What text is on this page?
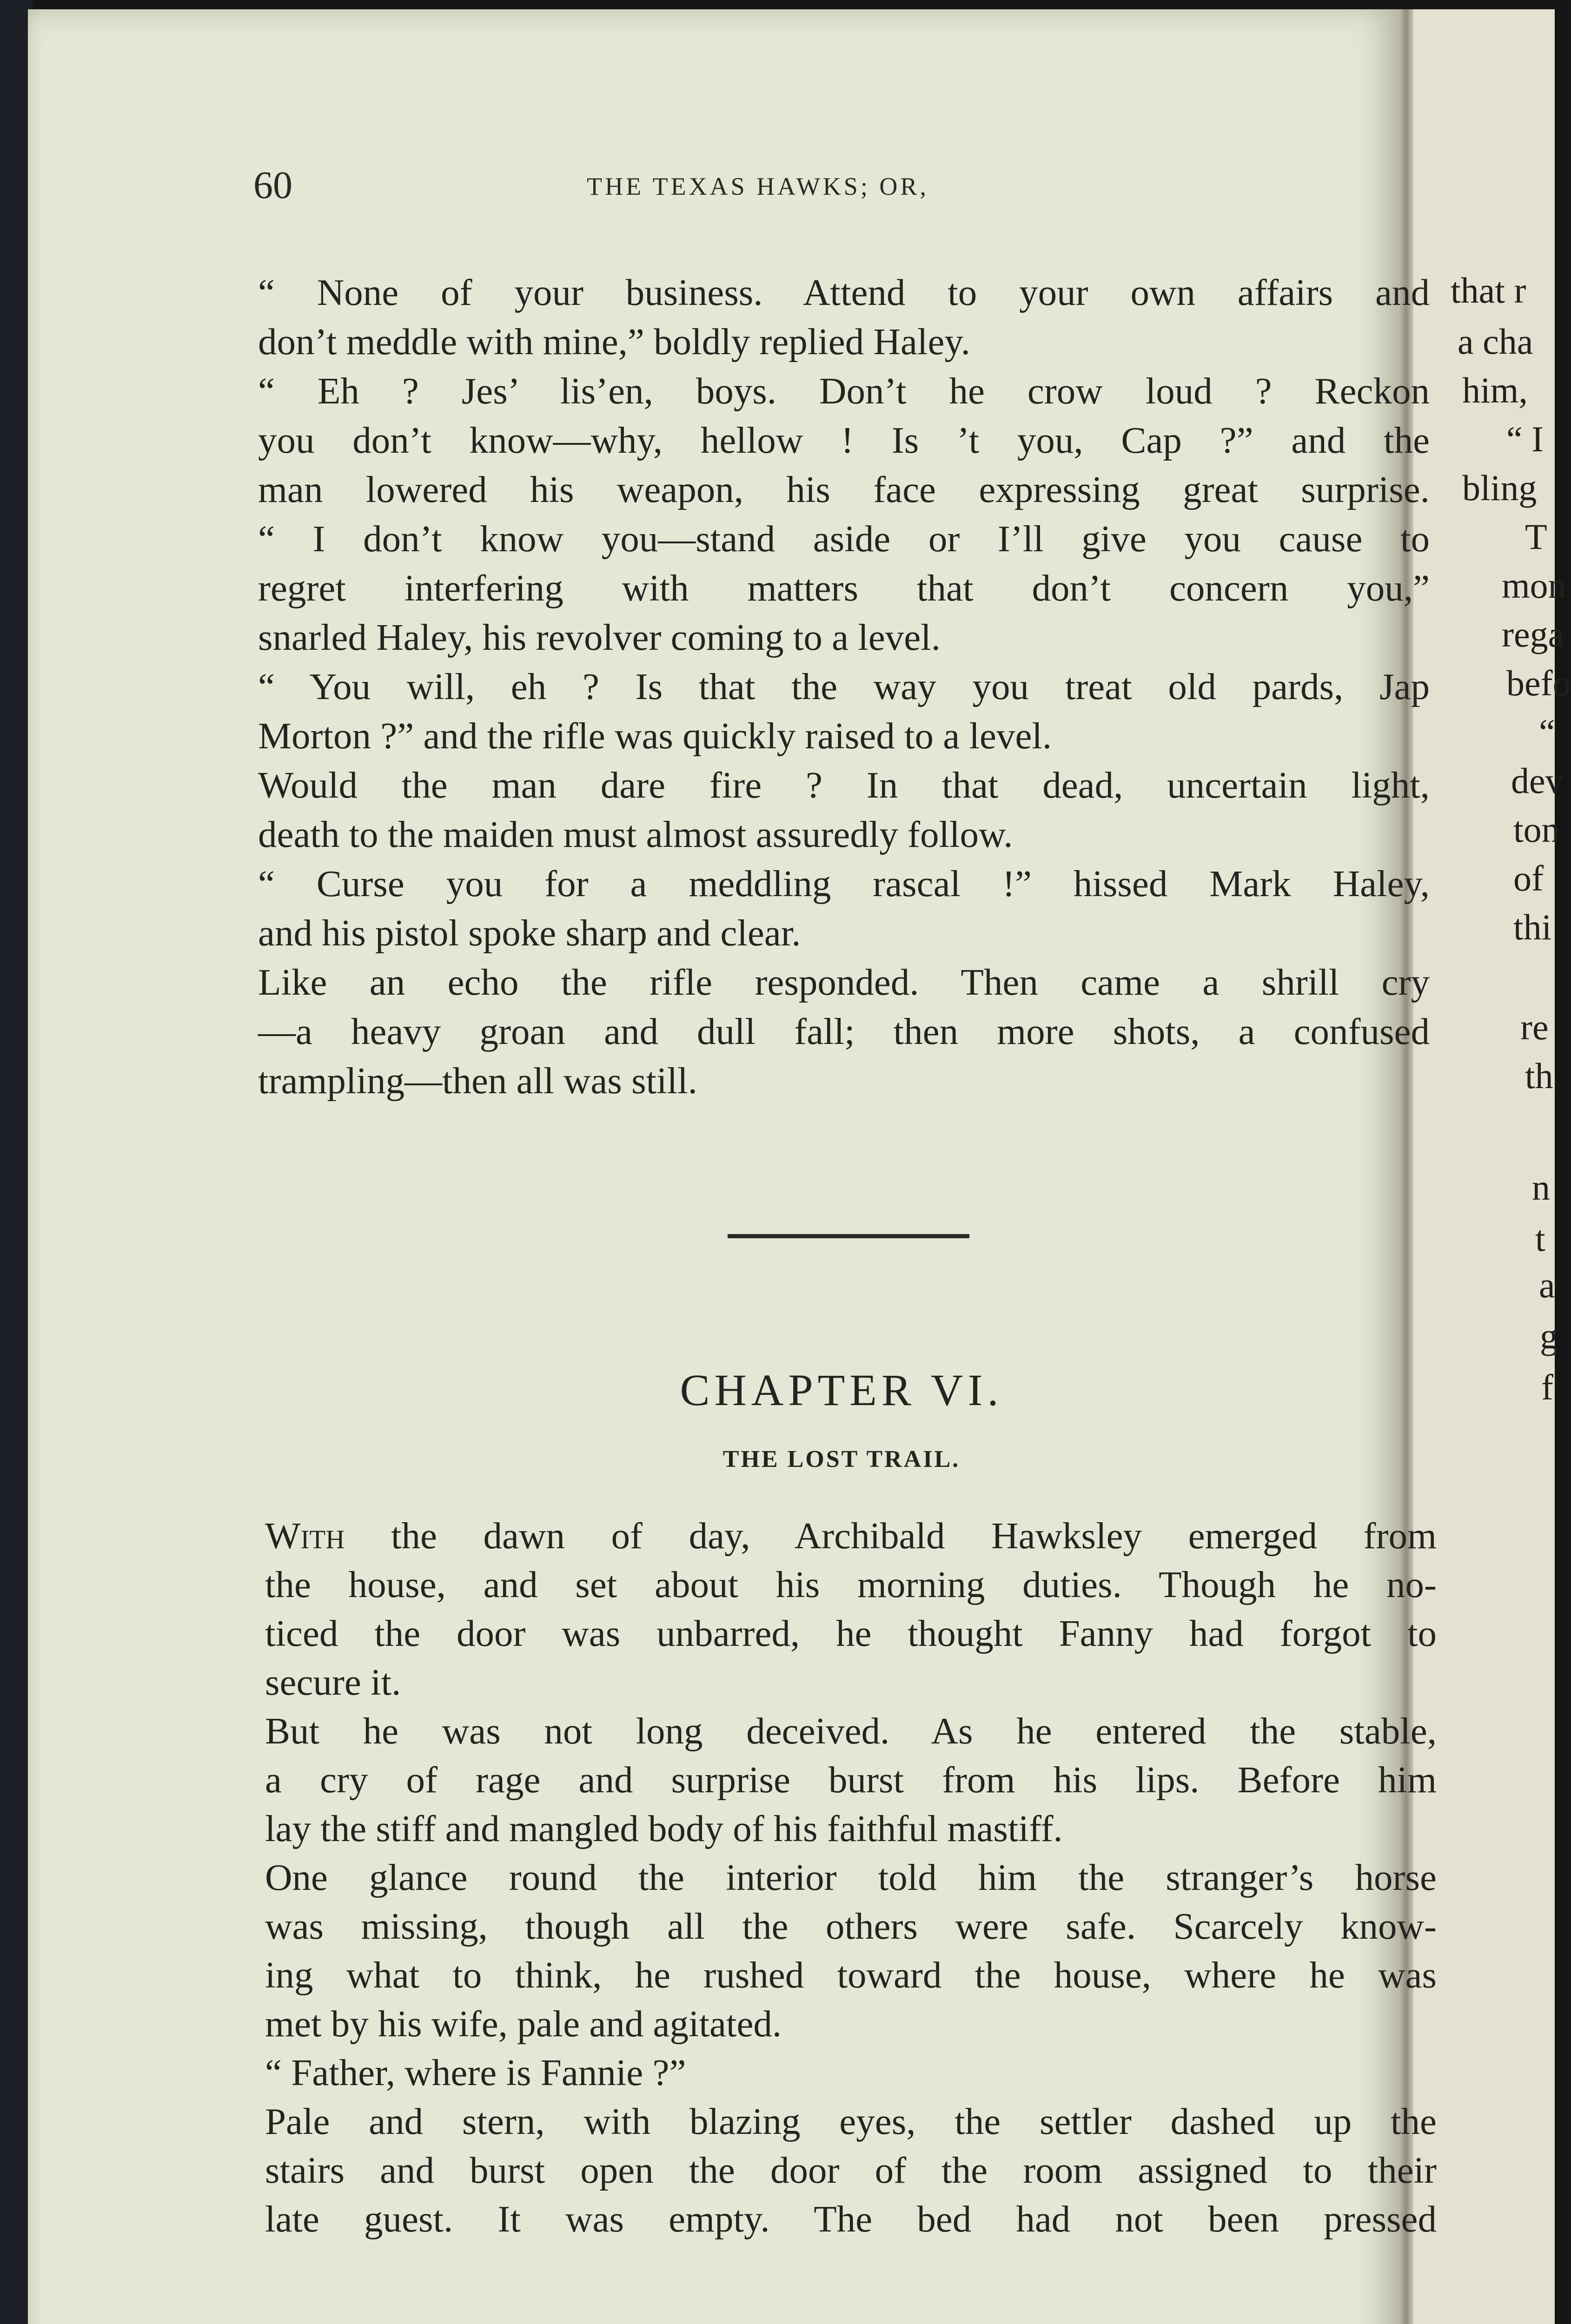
that r
a cha
him,
“ I
bling
T
mon
rega
befo
“
dev
ton
of
thi
re
th
n
t
a
g
f
60	THE TEXAS HAWKS; OR,
“ None of your business. Attend to your own affairs and
don’t meddle with mine,” boldly replied Haley.
“ Eh ? Jes’ lis’en, boys. Don’t he crow loud ? Reckon
you don’t know—why, hellow ! Is ’t you, Cap ?” and the
man lowered his weapon, his face expressing great surprise.
“ I don’t know you—stand aside or I’ll give you cause to
regret interfering with matters that don’t concern you,”
snarled Haley, his revolver coming to a level.
“ You will, eh ? Is that the way you treat old pards, Jap
Morton ?” and the rifle was quickly raised to a level.
Would the man dare fire ? In that dead, uncertain light,
death to the maiden must almost assuredly follow.
“ Curse you for a meddling rascal !” hissed Mark Haley,
and his pistol spoke sharp and clear.
Like an echo the rifle responded. Then came a shrill cry
—a heavy groan and dull fall; then more shots, a confused
trampling—then all was still.
CHAPTER VI.
THE LOST TRAIL.
With the dawn of day, Archibald Hawksley emerged from
the house, and set about his morning duties. Though he no-
ticed the door was unbarred, he thought Fanny had forgot to
secure it.
But he was not long deceived. As he entered the stable,
a cry of rage and surprise burst from his lips. Before him
lay the stiff and mangled body of his faithful mastiff.
One glance round the interior told him the stranger’s horse
was missing, though all the others were safe. Scarcely know-
ing what to think, he rushed toward the house, where he was
met by his wife, pale and agitated.
“ Father, where is Fannie ?”
Pale and stern, with blazing eyes, the settler dashed up the
stairs and burst open the door of the room assigned to their
late guest. It was empty. The bed had not been pressed
